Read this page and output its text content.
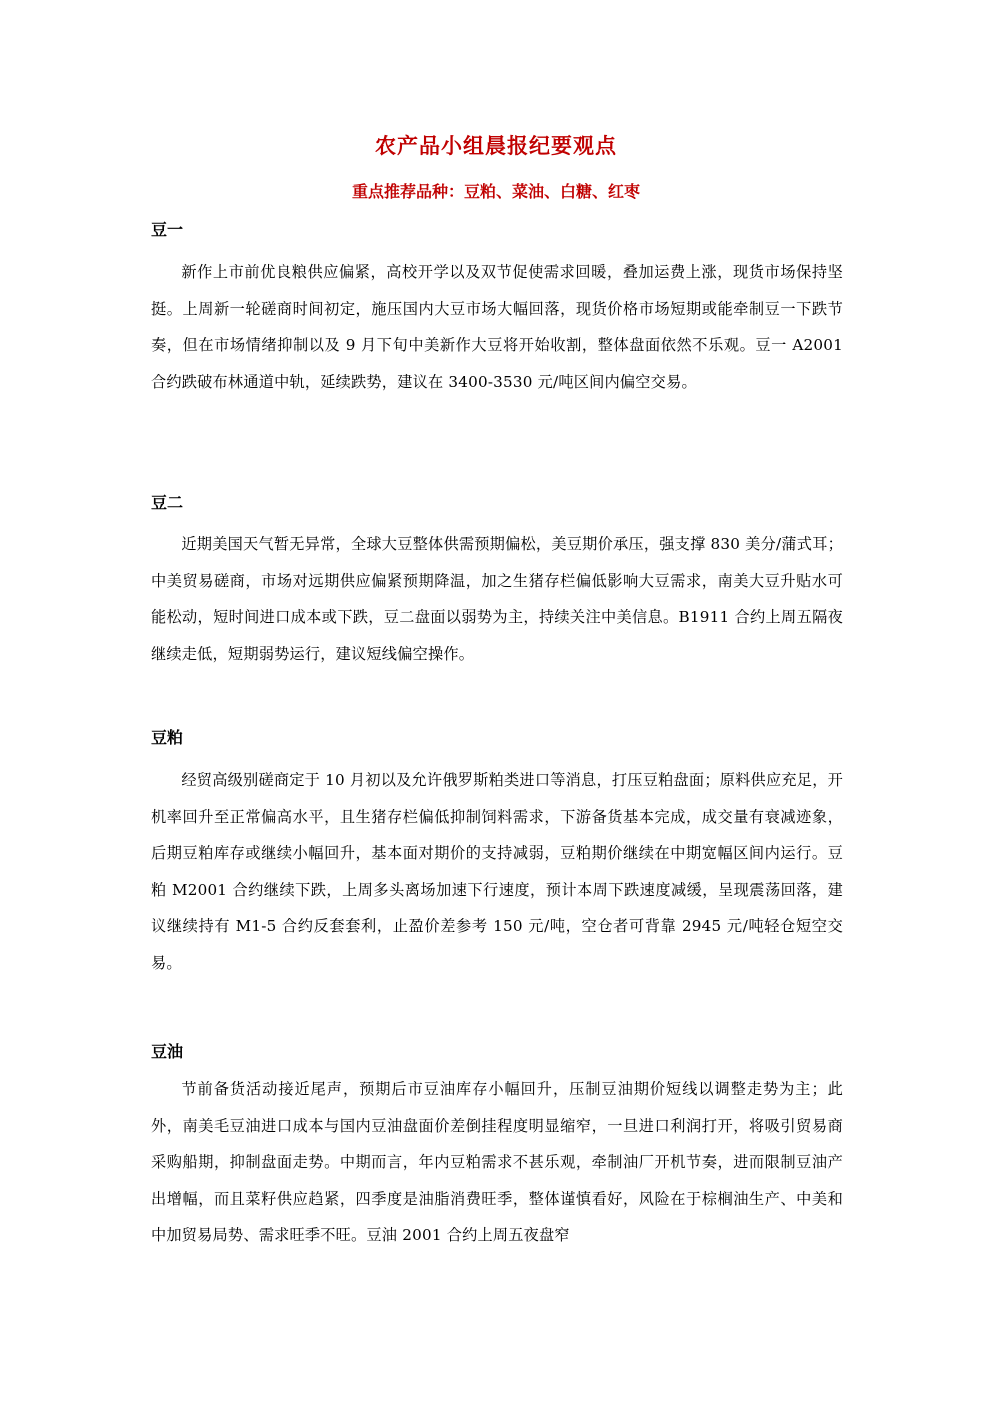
农产品小组晨报纪要观点
重点推荐品种：豆粕、菜油、白糖、红枣
豆一

新作上市前优良粮供应偏紧，高校开学以及双节促使需求回暖，叠加运费上涨，现货市场保持坚挺。上周新一轮磋商时间初定，施压国内大豆市场大幅回落，现货价格市场短期或能牵制豆一下跌节奏，但在市场情绪抑制以及 9 月下旬中美新作大豆将开始收割，整体盘面依然不乐观。豆一 A2001 合约跌破布林通道中轨，延续跌势，建议在 3400-3530 元/吨区间内偏空交易。

豆二

近期美国天气暂无异常，全球大豆整体供需预期偏松，美豆期价承压，强支撑 830 美分/蒲式耳；中美贸易磋商，市场对远期供应偏紧预期降温，加之生猪存栏偏低影响大豆需求，南美大豆升贴水可能松动，短时间进口成本或下跌，豆二盘面以弱势为主，持续关注中美信息。B1911 合约上周五隔夜继续走低，短期弱势运行，建议短线偏空操作。

豆粕

经贸高级别磋商定于 10 月初以及允许俄罗斯粕类进口等消息，打压豆粕盘面；原料供应充足，开机率回升至正常偏高水平，且生猪存栏偏低抑制饲料需求，下游备货基本完成，成交量有衰减迹象，后期豆粕库存或继续小幅回升，基本面对期价的支持减弱，豆粕期价继续在中期宽幅区间内运行。豆粕 M2001 合约继续下跌，上周多头离场加速下行速度，预计本周下跌速度减缓，呈现震荡回落，建议继续持有 M1-5 合约反套套利，止盈价差参考 150 元/吨，空仓者可背靠 2945 元/吨轻仓短空交易。

豆油

节前备货活动接近尾声，预期后市豆油库存小幅回升，压制豆油期价短线以调整走势为主；此外，南美毛豆油进口成本与国内豆油盘面价差倒挂程度明显缩窄，一旦进口利润打开，将吸引贸易商采购船期，抑制盘面走势。中期而言，年内豆粕需求不甚乐观，牵制油厂开机节奏，进而限制豆油产出增幅，而且菜籽供应趋紧，四季度是油脂消费旺季，整体谨慎看好，风险在于棕榈油生产、中美和中加贸易局势、需求旺季不旺。豆油 2001 合约上周五夜盘窄
